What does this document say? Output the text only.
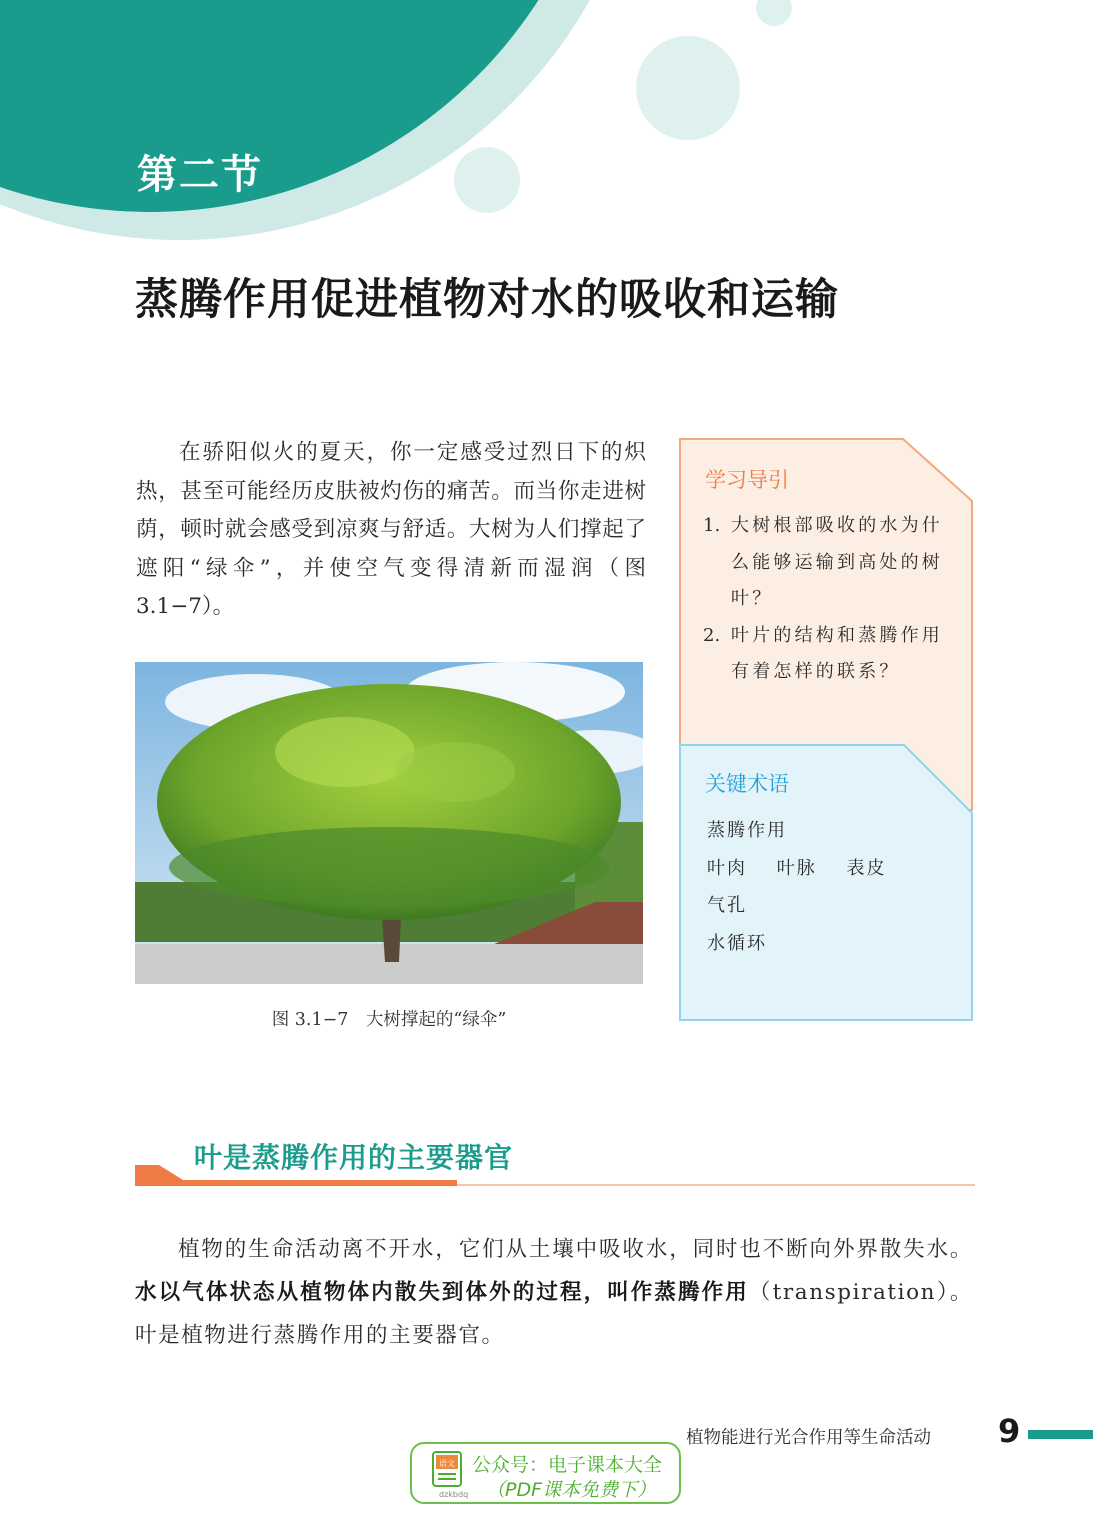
第二节
蒸腾作用促进植物对水的吸收和运输
在骄阳似火的夏天，你一定感受过烈日下的炽热，甚至可能经历皮肤被灼伤的痛苦。而当你走进树荫，顿时就会感受到凉爽与舒适。大树为人们撑起了遮阳“绿伞”，并使空气变得清新而湿润（图 3.1−7）。
图 3.1−7　大树撑起的“绿伞”
学习导引
1. 大树根部吸收的水为什么能够运输到高处的树叶？
2. 叶片的结构和蒸腾作用有着怎样的联系？
关键术语
蒸腾作用
叶肉 叶脉 表皮
气孔
水循环
叶是蒸腾作用的主要器官
植物的生命活动离不开水，它们从土壤中吸收水，同时也不断向外界散失水。水以气体状态从植物体内散失到体外的过程，叫作蒸腾作用（transpiration）。叶是植物进行蒸腾作用的主要器官。
植物能进行光合作用等生命活动 9
语文
dzkbdq
公众号：电子课本大全
（PDF课本免费下）
